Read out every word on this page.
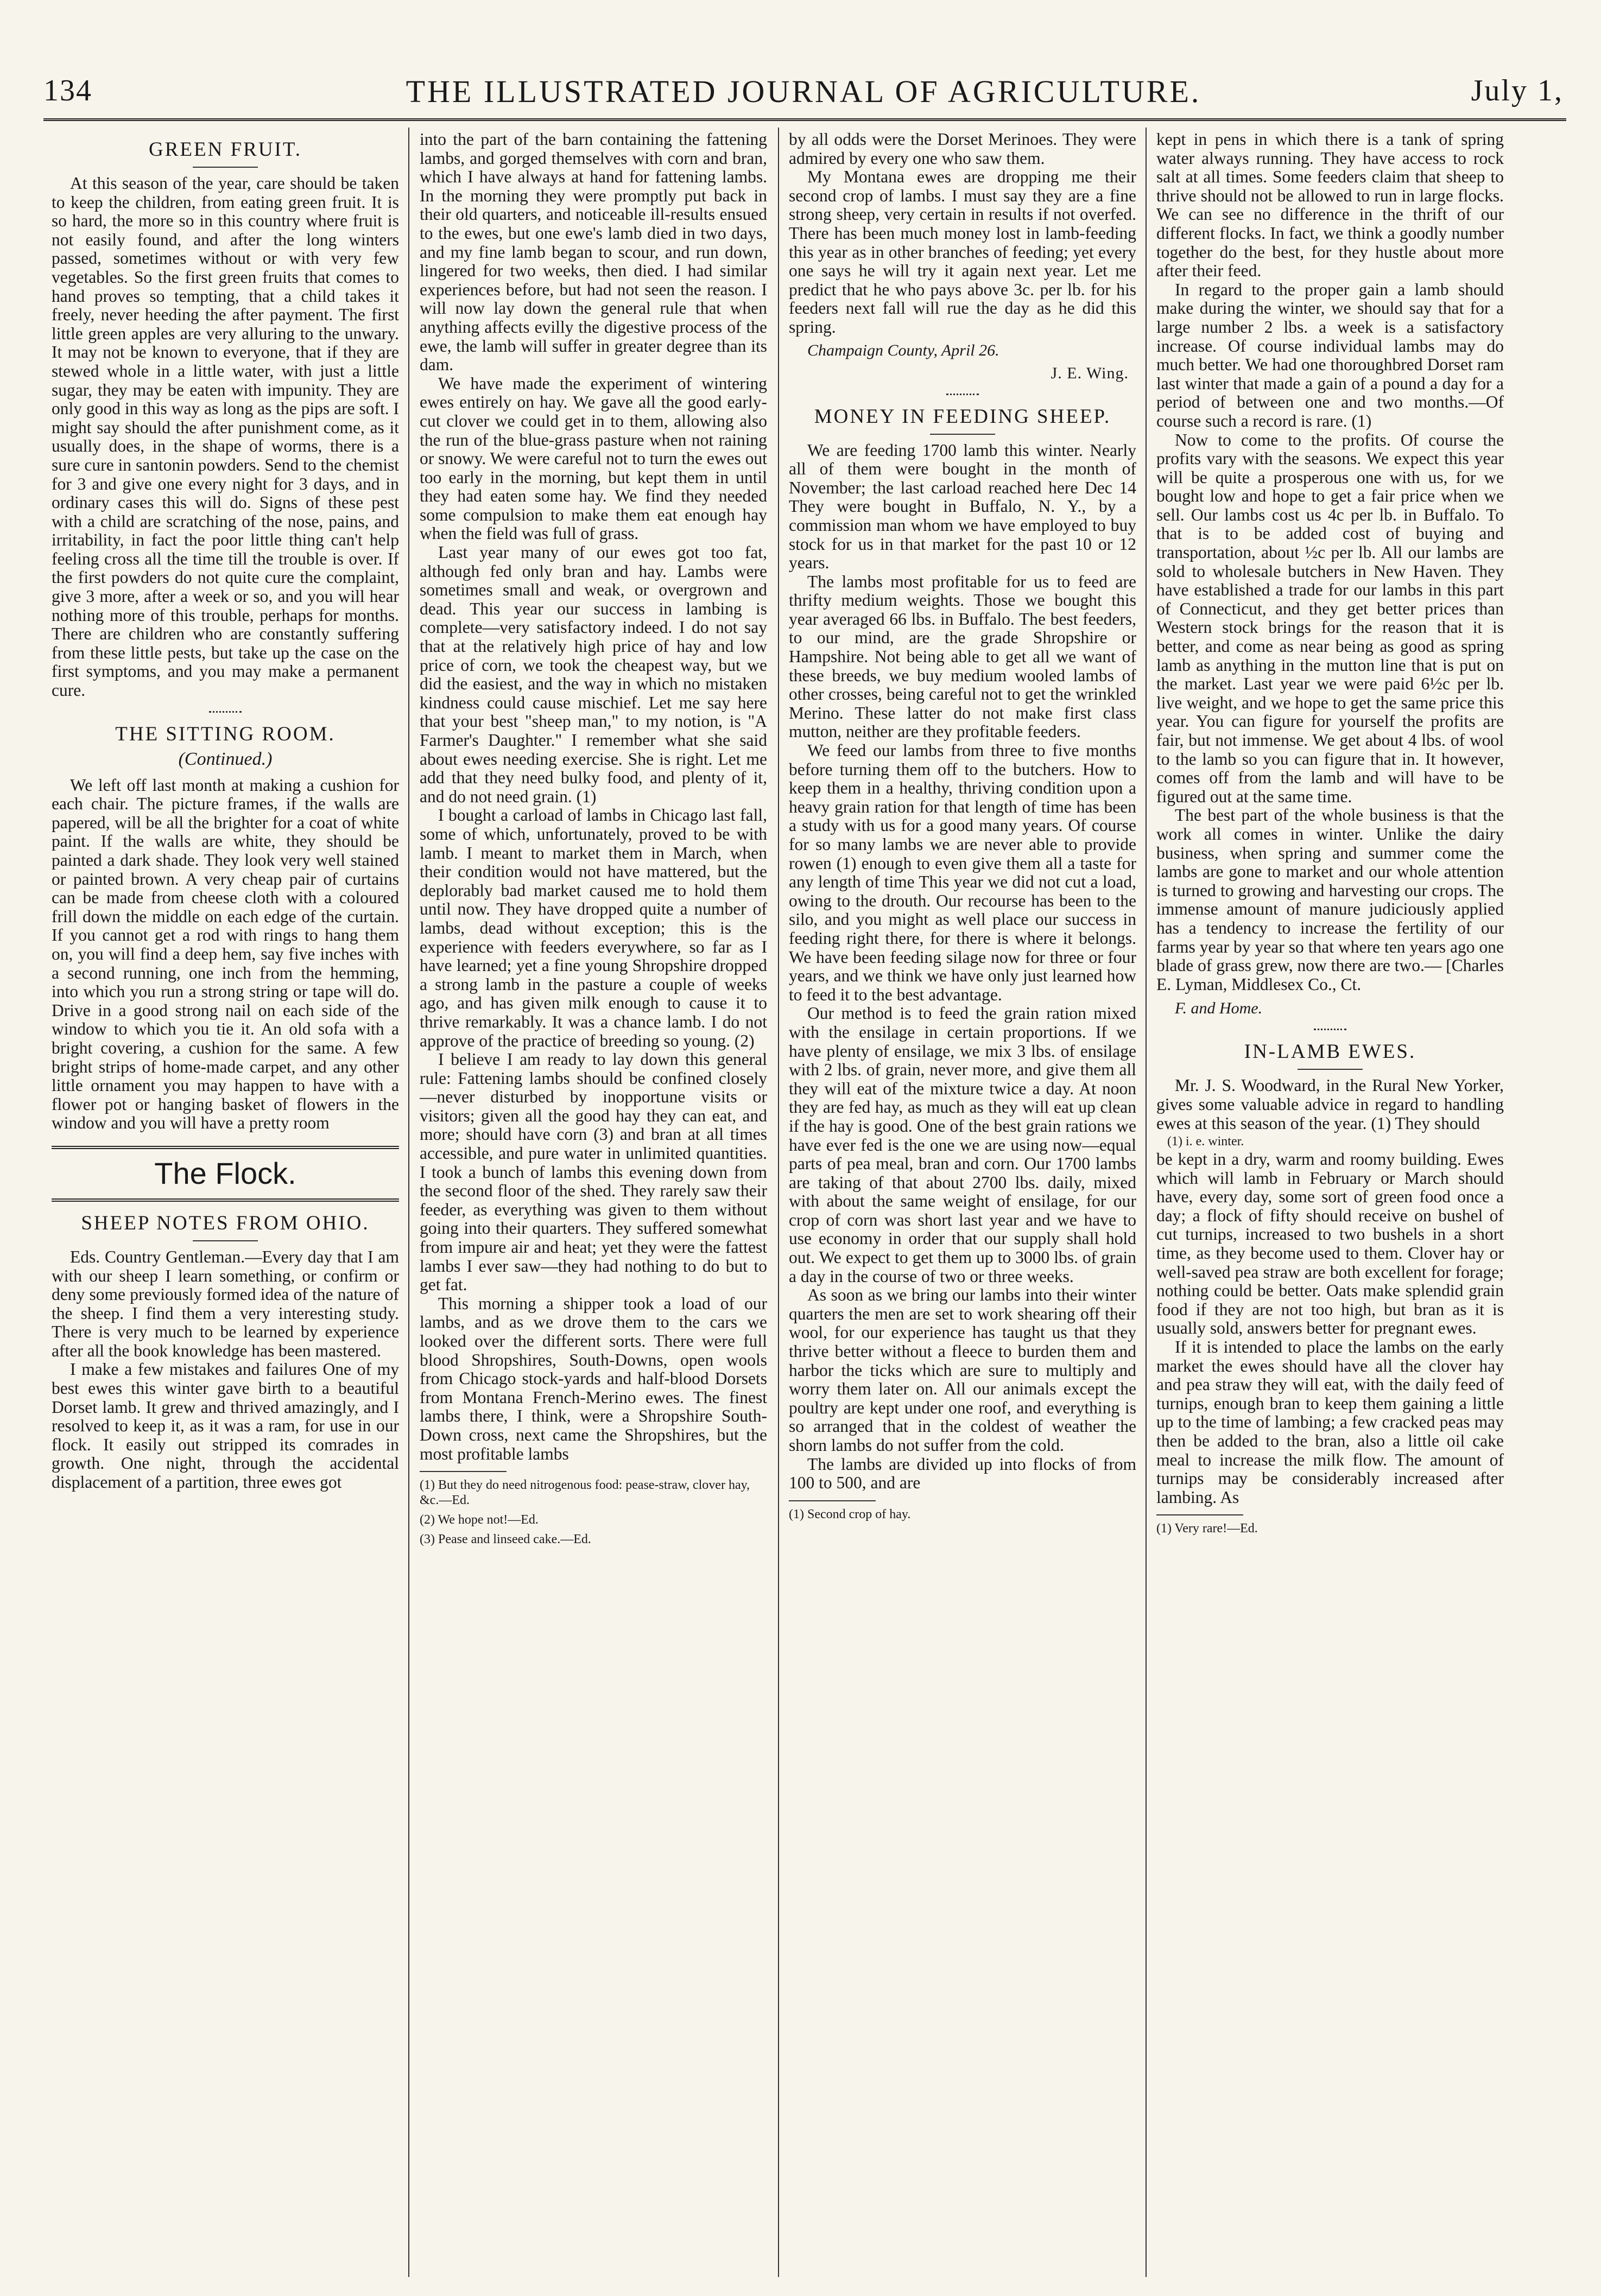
134	THE ILLUSTRATED JOURNAL OF AGRICULTURE.	July 1,
GREEN FRUIT.

At this season of the year, care should be taken to keep the children, from eating green fruit. It is so hard, the more so in this country where fruit is not easily found, and after the long winters passed, sometimes without or with very few vegetables. So the first green fruits that comes to hand proves so tempting, that a child takes it freely, never heeding the after payment. The first little green apples are very alluring to the unwary. It may not be known to everyone, that if they are stewed whole in a little water, with just a little sugar, they may be eaten with impunity. They are only good in this way as long as the pips are soft. I might say should the after punishment come, as it usually does, in the shape of worms, there is a sure cure in santonin powders. Send to the chemist for 3 and give one every night for 3 days, and in ordinary cases this will do. Signs of these pest with a child are scratching of the nose, pains, and irritability, in fact the poor little thing can't help feeling cross all the time till the trouble is over. If the first powders do not quite cure the complaint, give 3 more, after a week or so, and you will hear nothing more of this trouble, perhaps for months. There are children who are constantly suffering from these little pests, but take up the case on the first symptoms, and you may make a permanent cure.

THE SITTING ROOM.
(Continued.)

We left off last month at making a cushion for each chair. The picture frames, if the walls are papered, will be all the brighter for a coat of white paint. If the walls are white, they should be painted a dark shade. They look very well stained or painted brown. A very cheap pair of curtains can be made from cheese cloth with a coloured frill down the middle on each edge of the curtain. If you cannot get a rod with rings to hang them on, you will find a deep hem, say five inches with a second running, one inch from the hemming, into which you run a strong string or tape will do. Drive in a good strong nail on each side of the window to which you tie it. An old sofa with a bright covering, a cushion for the same. A few bright strips of home-made carpet, and any other little ornament you may happen to have with a flower pot or hanging basket of flowers in the window and you will have a pretty room

The Flock.
SHEEP NOTES FROM OHIO.

Eds. Country Gentleman.—Every day that I am with our sheep I learn something, or confirm or deny some previously formed idea of the nature of the sheep. I find them a very interesting study. There is very much to be learned by experience after all the book knowledge has been mastered.

I make a few mistakes and failures One of my best ewes this winter gave birth to a beautiful Dorset lamb. It grew and thrived amazingly, and I resolved to keep it, as it was a ram, for use in our flock. It easily out stripped its comrades in growth. One night, through the accidental displacement of a partition, three ewes got

into the part of the barn containing the fattening lambs, and gorged themselves with corn and bran, which I have always at hand for fattening lambs. In the morning they were promptly put back in their old quarters, and noticeable ill-results ensued to the ewes, but one ewe's lamb died in two days, and my fine lamb began to scour, and run down, lingered for two weeks, then died. I had similar experiences before, but had not seen the reason. I will now lay down the general rule that when anything affects evilly the digestive process of the ewe, the lamb will suffer in greater degree than its dam.

We have made the experiment of wintering ewes entirely on hay. We gave all the good early-cut clover we could get in to them, allowing also the run of the blue-grass pasture when not raining or snowy. We were careful not to turn the ewes out too early in the morning, but kept them in until they had eaten some hay. We find they needed some compulsion to make them eat enough hay when the field was full of grass.

Last year many of our ewes got too fat, although fed only bran and hay. Lambs were sometimes small and weak, or overgrown and dead. This year our success in lambing is complete—very satisfactory indeed. I do not say that at the relatively high price of hay and low price of corn, we took the cheapest way, but we did the easiest, and the way in which no mistaken kindness could cause mischief. Let me say here that your best "sheep man," to my notion, is "A Farmer's Daughter." I remember what she said about ewes needing exercise. She is right. Let me add that they need bulky food, and plenty of it, and do not need grain. (1)

I bought a carload of lambs in Chicago last fall, some of which, unfortunately, proved to be with lamb. I meant to market them in March, when their condition would not have mattered, but the deplorably bad market caused me to hold them until now. They have dropped quite a number of lambs, dead without exception; this is the experience with feeders everywhere, so far as I have learned; yet a fine young Shropshire dropped a strong lamb in the pasture a couple of weeks ago, and has given milk enough to cause it to thrive remarkably. It was a chance lamb. I do not approve of the practice of breeding so young. (2)

I believe I am ready to lay down this general rule: Fattening lambs should be confined closely—never disturbed by inopportune visits or visitors; given all the good hay they can eat, and more; should have corn (3) and bran at all times accessible, and pure water in unlimited quantities. I took a bunch of lambs this evening down from the second floor of the shed. They rarely saw their feeder, as everything was given to them without going into their quarters. They suffered somewhat from impure air and heat; yet they were the fattest lambs I ever saw—they had nothing to do but to get fat.

This morning a shipper took a load of our lambs, and as we drove them to the cars we looked over the different sorts. There were full blood Shropshires, South-Downs, open wools from Chicago stock-yards and half-blood Dorsets from Montana French-Merino ewes. The finest lambs there, I think, were a Shropshire South-Down cross, next came the Shropshires, but the most profitable lambs

(1) But they do need nitrogenous food: pease-straw, clover hay, &c.—Ed.

(2) We hope not!—Ed.

(3) Pease and linseed cake.—Ed.

by all odds were the Dorset Merinoes. They were admired by every one who saw them.

My Montana ewes are dropping me their second crop of lambs. I must say they are a fine strong sheep, very certain in results if not overfed. There has been much money lost in lamb-feeding this year as in other branches of feeding; yet every one says he will try it again next year. Let me predict that he who pays above 3c. per lb. for his feeders next fall will rue the day as he did this spring.

Champaign County, April 26.
J. E. Wing.
MONEY IN FEEDING SHEEP.

We are feeding 1700 lamb this winter. Nearly all of them were bought in the month of November; the last carload reached here Dec 14 They were bought in Buffalo, N. Y., by a commission man whom we have employed to buy stock for us in that market for the past 10 or 12 years.

The lambs most profitable for us to feed are thrifty medium weights. Those we bought this year averaged 66 lbs. in Buffalo. The best feeders, to our mind, are the grade Shropshire or Hampshire. Not being able to get all we want of these breeds, we buy medium wooled lambs of other crosses, being careful not to get the wrinkled Merino. These latter do not make first class mutton, neither are they profitable feeders.

We feed our lambs from three to five months before turning them off to the butchers. How to keep them in a healthy, thriving condition upon a heavy grain ration for that length of time has been a study with us for a good many years. Of course for so many lambs we are never able to provide rowen (1) enough to even give them all a taste for any length of time This year we did not cut a load, owing to the drouth. Our recourse has been to the silo, and you might as well place our success in feeding right there, for there is where it belongs. We have been feeding silage now for three or four years, and we think we have only just learned how to feed it to the best advantage.

Our method is to feed the grain ration mixed with the ensilage in certain proportions. If we have plenty of ensilage, we mix 3 lbs. of ensilage with 2 lbs. of grain, never more, and give them all they will eat of the mixture twice a day. At noon they are fed hay, as much as they will eat up clean if the hay is good. One of the best grain rations we have ever fed is the one we are using now—equal parts of pea meal, bran and corn. Our 1700 lambs are taking of that about 2700 lbs. daily, mixed with about the same weight of ensilage, for our crop of corn was short last year and we have to use economy in order that our supply shall hold out. We expect to get them up to 3000 lbs. of grain a day in the course of two or three weeks.

As soon as we bring our lambs into their winter quarters the men are set to work shearing off their wool, for our experience has taught us that they thrive better without a fleece to burden them and harbor the ticks which are sure to multiply and worry them later on. All our animals except the poultry are kept under one roof, and everything is so arranged that in the coldest of weather the shorn lambs do not suffer from the cold.

The lambs are divided up into flocks of from 100 to 500, and are

(1) Second crop of hay.

kept in pens in which there is a tank of spring water always running. They have access to rock salt at all times. Some feeders claim that sheep to thrive should not be allowed to run in large flocks. We can see no difference in the thrift of our different flocks. In fact, we think a goodly number together do the best, for they hustle about more after their feed.

In regard to the proper gain a lamb should make during the winter, we should say that for a large number 2 lbs. a week is a satisfactory increase. Of course individual lambs may do much better. We had one thoroughbred Dorset ram last winter that made a gain of a pound a day for a period of between one and two months.—Of course such a record is rare. (1)

Now to come to the profits. Of course the profits vary with the seasons. We expect this year will be quite a prosperous one with us, for we bought low and hope to get a fair price when we sell. Our lambs cost us 4c per lb. in Buffalo. To that is to be added cost of buying and transportation, about ½c per lb. All our lambs are sold to wholesale butchers in New Haven. They have established a trade for our lambs in this part of Connecticut, and they get better prices than Western stock brings for the reason that it is better, and come as near being as good as spring lamb as anything in the mutton line that is put on the market. Last year we were paid 6½c per lb. live weight, and we hope to get the same price this year. You can figure for yourself the profits are fair, but not immense. We get about 4 lbs. of wool to the lamb so you can figure that in. It however, comes off from the lamb and will have to be figured out at the same time.

The best part of the whole business is that the work all comes in winter. Unlike the dairy business, when spring and summer come the lambs are gone to market and our whole attention is turned to growing and harvesting our crops. The immense amount of manure judiciously applied has a tendency to increase the fertility of our farms year by year so that where ten years ago one blade of grass grew, now there are two.— [Charles E. Lyman, Middlesex Co., Ct.

F. and Home.
IN-LAMB EWES.

Mr. J. S. Woodward, in the Rural New Yorker, gives some valuable advice in regard to handling ewes at this season of the year. (1) They should

(1) i. e. winter.

be kept in a dry, warm and roomy building. Ewes which will lamb in February or March should have, every day, some sort of green food once a day; a flock of fifty should receive on bushel of cut turnips, increased to two bushels in a short time, as they become used to them. Clover hay or well-saved pea straw are both excellent for forage; nothing could be better. Oats make splendid grain food if they are not too high, but bran as it is usually sold, answers better for pregnant ewes.

If it is intended to place the lambs on the early market the ewes should have all the clover hay and pea straw they will eat, with the daily feed of turnips, enough bran to keep them gaining a little up to the time of lambing; a few cracked peas may then be added to the bran, also a little oil cake meal to increase the milk flow. The amount of turnips may be considerably increased after lambing. As

(1) Very rare!—Ed.
